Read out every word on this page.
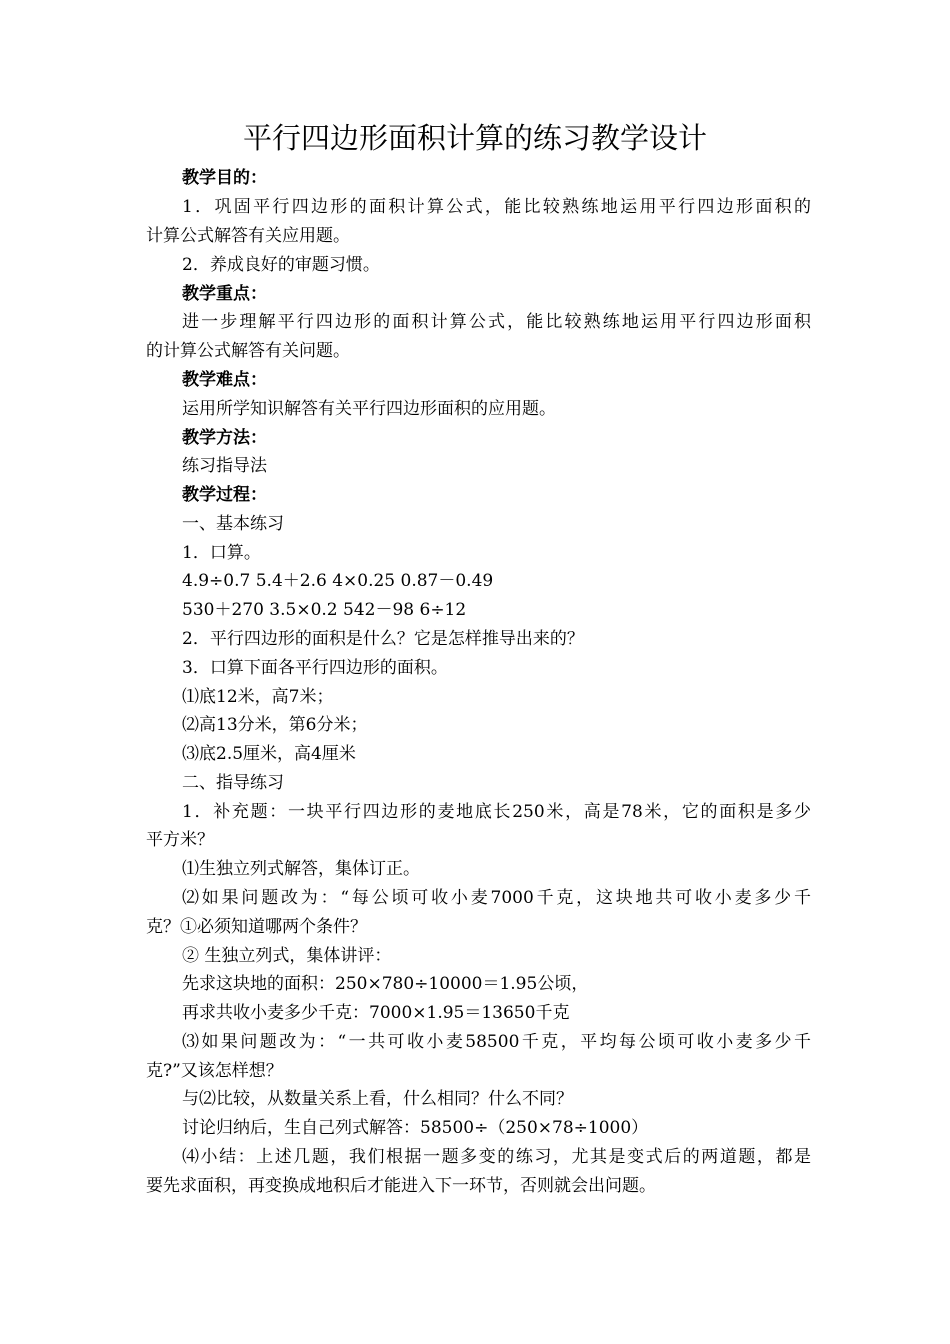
平行四边形面积计算的练习教学设计
教学目的：
1．巩固平行四边形的面积计算公式，能比较熟练地运用平行四边形面积的
计算公式解答有关应用题。
2．养成良好的审题习惯。
教学重点：
进一步理解平行四边形的面积计算公式，能比较熟练地运用平行四边形面积
的计算公式解答有关问题。
教学难点：
运用所学知识解答有关平行四边形面积的应用题。
教学方法：
练习指导法
教学过程：
一、基本练习
1．口算。
4.9÷0.7 5.4＋2.6 4×0.25 0.87－0.49
530＋270 3.5×0.2 542－98 6÷12
2．平行四边形的面积是什么？它是怎样推导出来的？
3．口算下面各平行四边形的面积。
⑴底12米，高7米；
⑵高13分米，第6分米；
⑶底2.5厘米，高4厘米
二、指导练习
1．补充题：一块平行四边形的麦地底长250米，高是78米，它的面积是多少
平方米？
⑴生独立列式解答，集体订正。
⑵如果问题改为：“每公顷可收小麦7000千克，这块地共可收小麦多少千
克？①必须知道哪两个条件？
② 生独立列式，集体讲评：
先求这块地的面积：250×780÷10000＝1.95公顷，
再求共收小麦多少千克：7000×1.95＝13650千克
⑶如果问题改为：“一共可收小麦58500千克，平均每公顷可收小麦多少千
克?”又该怎样想？
与⑵比较，从数量关系上看，什么相同？什么不同？
讨论归纳后，生自己列式解答：58500÷（250×78÷1000）
⑷小结：上述几题，我们根据一题多变的练习，尤其是变式后的两道题，都是
要先求面积，再变换成地积后才能进入下一环节，否则就会出问题。
